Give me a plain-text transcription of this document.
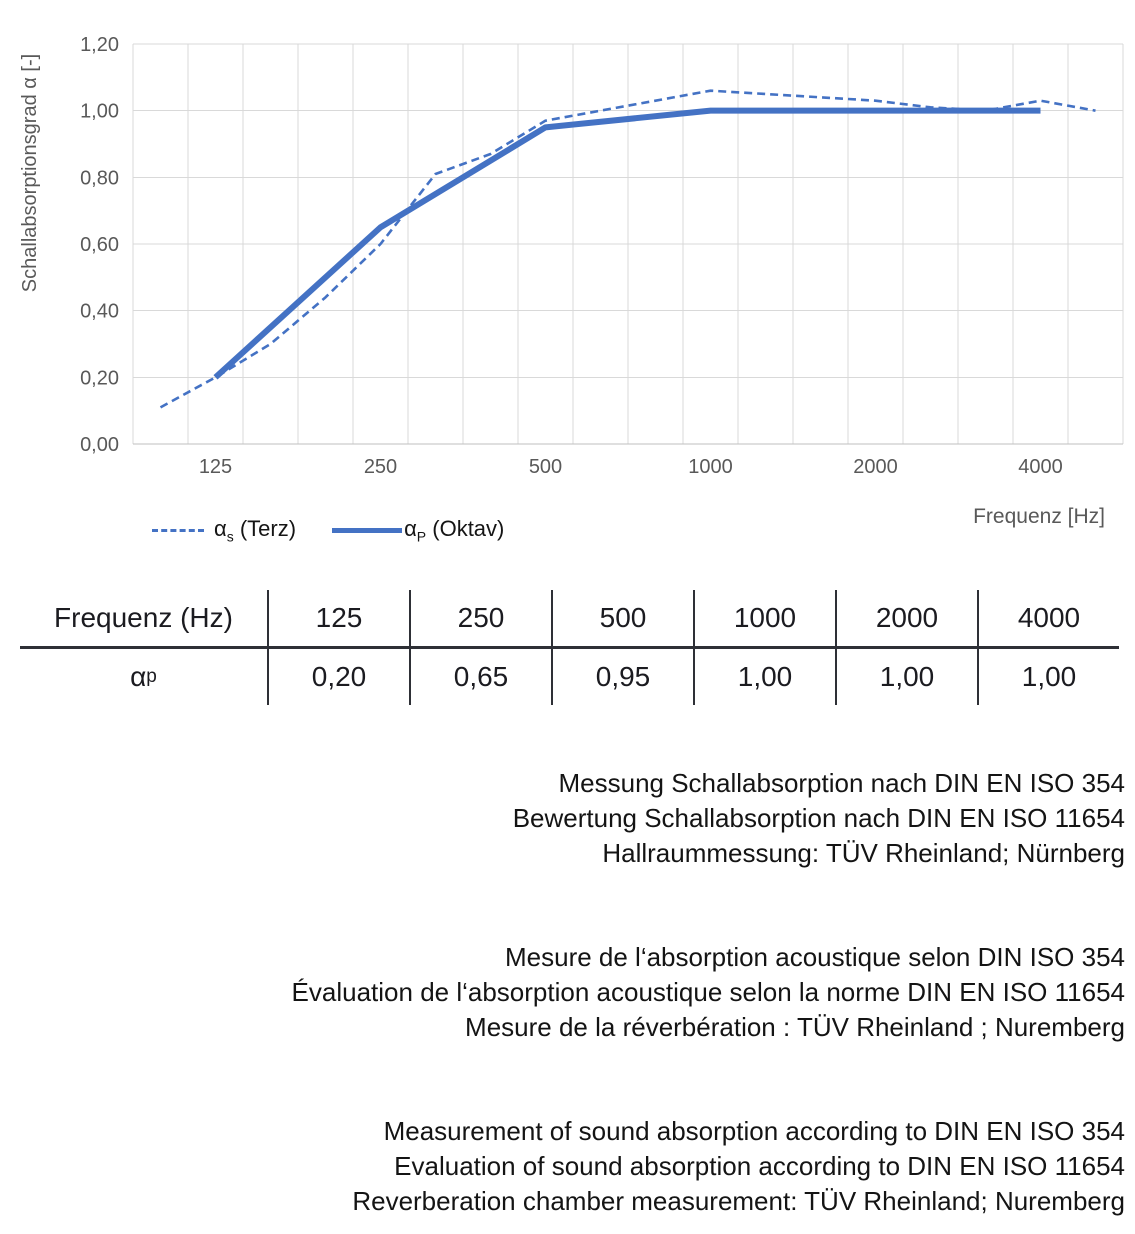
Schallabsorptionsgrad α [-]
0,00
0,20
0,40
0,60
0,80
1,00
1,20
125	250	500	1000	2000	4000
$\alpha_s$ (Terz)	$\alpha_P$ (Oktav)	Frequenz [Hz]
Frequenz (Hz)	125	250	500	1000	2000	4000
α p	0,20	0,65	0,95	1,00	1,00	1,00
Messung Schallabsorption nach DIN EN ISO 354
Bewertung Schallabsorption nach DIN EN ISO 11654
Hallraummessung: TÜV Rheinland; Nürnberg
Mesure de l‘absorption acoustique selon DIN ISO 354
Évaluation de l‘absorption acoustique selon la norme DIN EN ISO 11654
Mesure de la réverbération : TÜV Rheinland ; Nuremberg
Measurement of sound absorption according to DIN EN ISO 354
Evaluation of sound absorption according to DIN EN ISO 11654
Reverberation chamber measurement: TÜV Rheinland; Nuremberg
